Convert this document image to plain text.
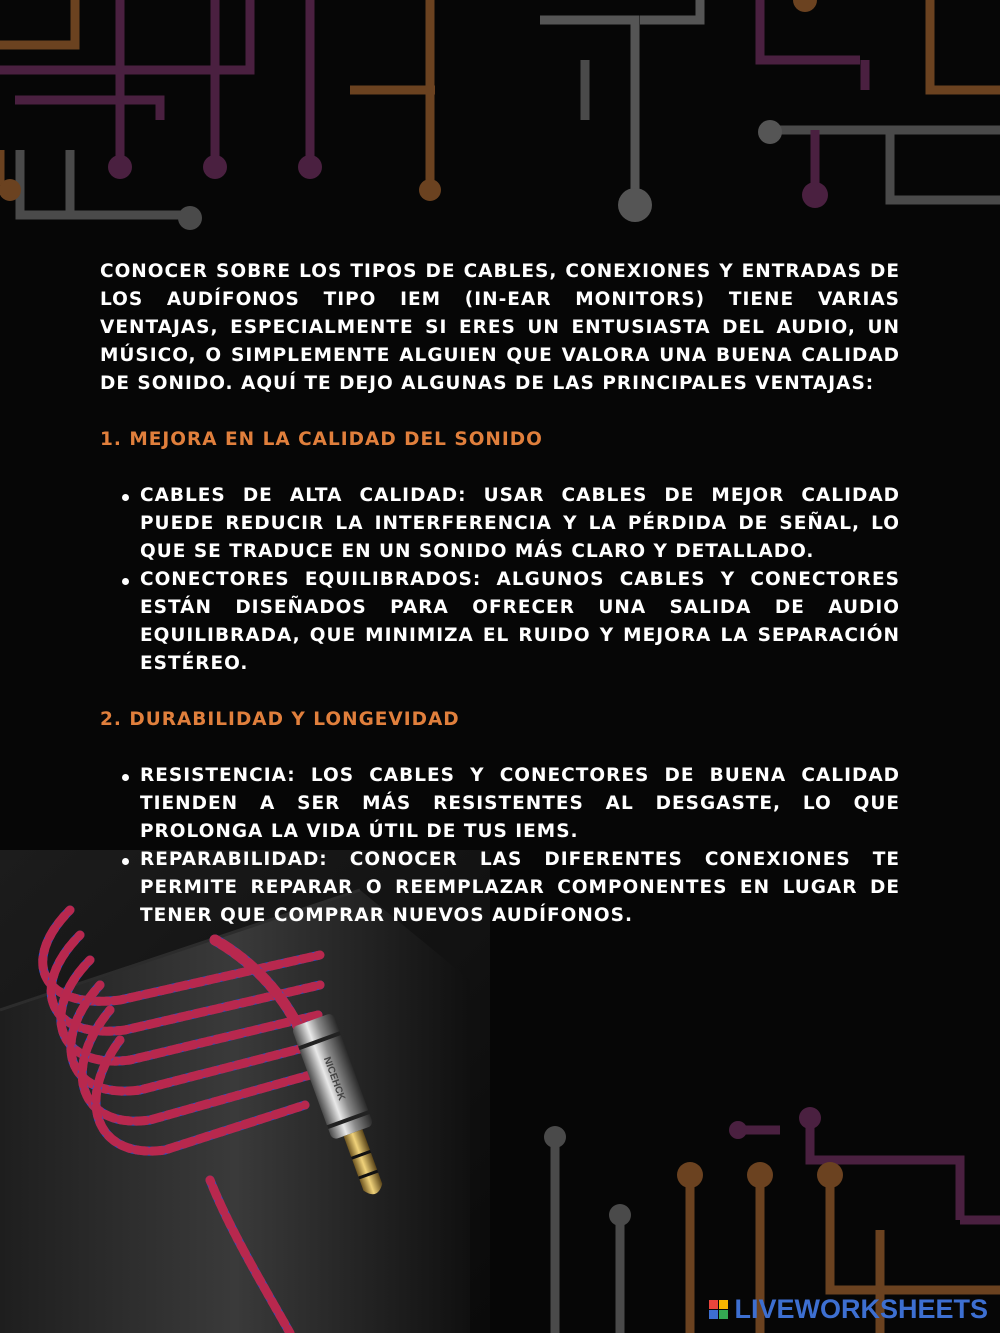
NICEHCK

CONOCER SOBRE LOS TIPOS DE CABLES, CONEXIONES Y ENTRADAS DE LOS AUDÍFONOS TIPO IEM (IN-EAR MONITORS) TIENE VARIAS VENTAJAS, ESPECIALMENTE SI ERES UN ENTUSIASTA DEL AUDIO, UN MÚSICO, O SIMPLEMENTE ALGUIEN QUE VALORA UNA BUENA CALIDAD DE SONIDO. AQUÍ TE DEJO ALGUNAS DE LAS PRINCIPALES VENTAJAS:

1. MEJORA EN LA CALIDAD DEL SONIDO

CABLES DE ALTA CALIDAD: USAR CABLES DE MEJOR CALIDAD PUEDE REDUCIR LA INTERFERENCIA Y LA PÉRDIDA DE SEÑAL, LO QUE SE TRADUCE EN UN SONIDO MÁS CLARO Y DETALLADO.
CONECTORES EQUILIBRADOS: ALGUNOS CABLES Y CONECTORES ESTÁN DISEÑADOS PARA OFRECER UNA SALIDA DE AUDIO EQUILIBRADA, QUE MINIMIZA EL RUIDO Y MEJORA LA SEPARACIÓN ESTÉREO.

2. DURABILIDAD Y LONGEVIDAD

RESISTENCIA: LOS CABLES Y CONECTORES DE BUENA CALIDAD TIENDEN A SER MÁS RESISTENTES AL DESGASTE, LO QUE PROLONGA LA VIDA ÚTIL DE TUS IEMS.
REPARABILIDAD: CONOCER LAS DIFERENTES CONEXIONES TE PERMITE REPARAR O REEMPLAZAR COMPONENTES EN LUGAR DE TENER QUE COMPRAR NUEVOS AUDÍFONOS.
LIVEWORKSHEETS
